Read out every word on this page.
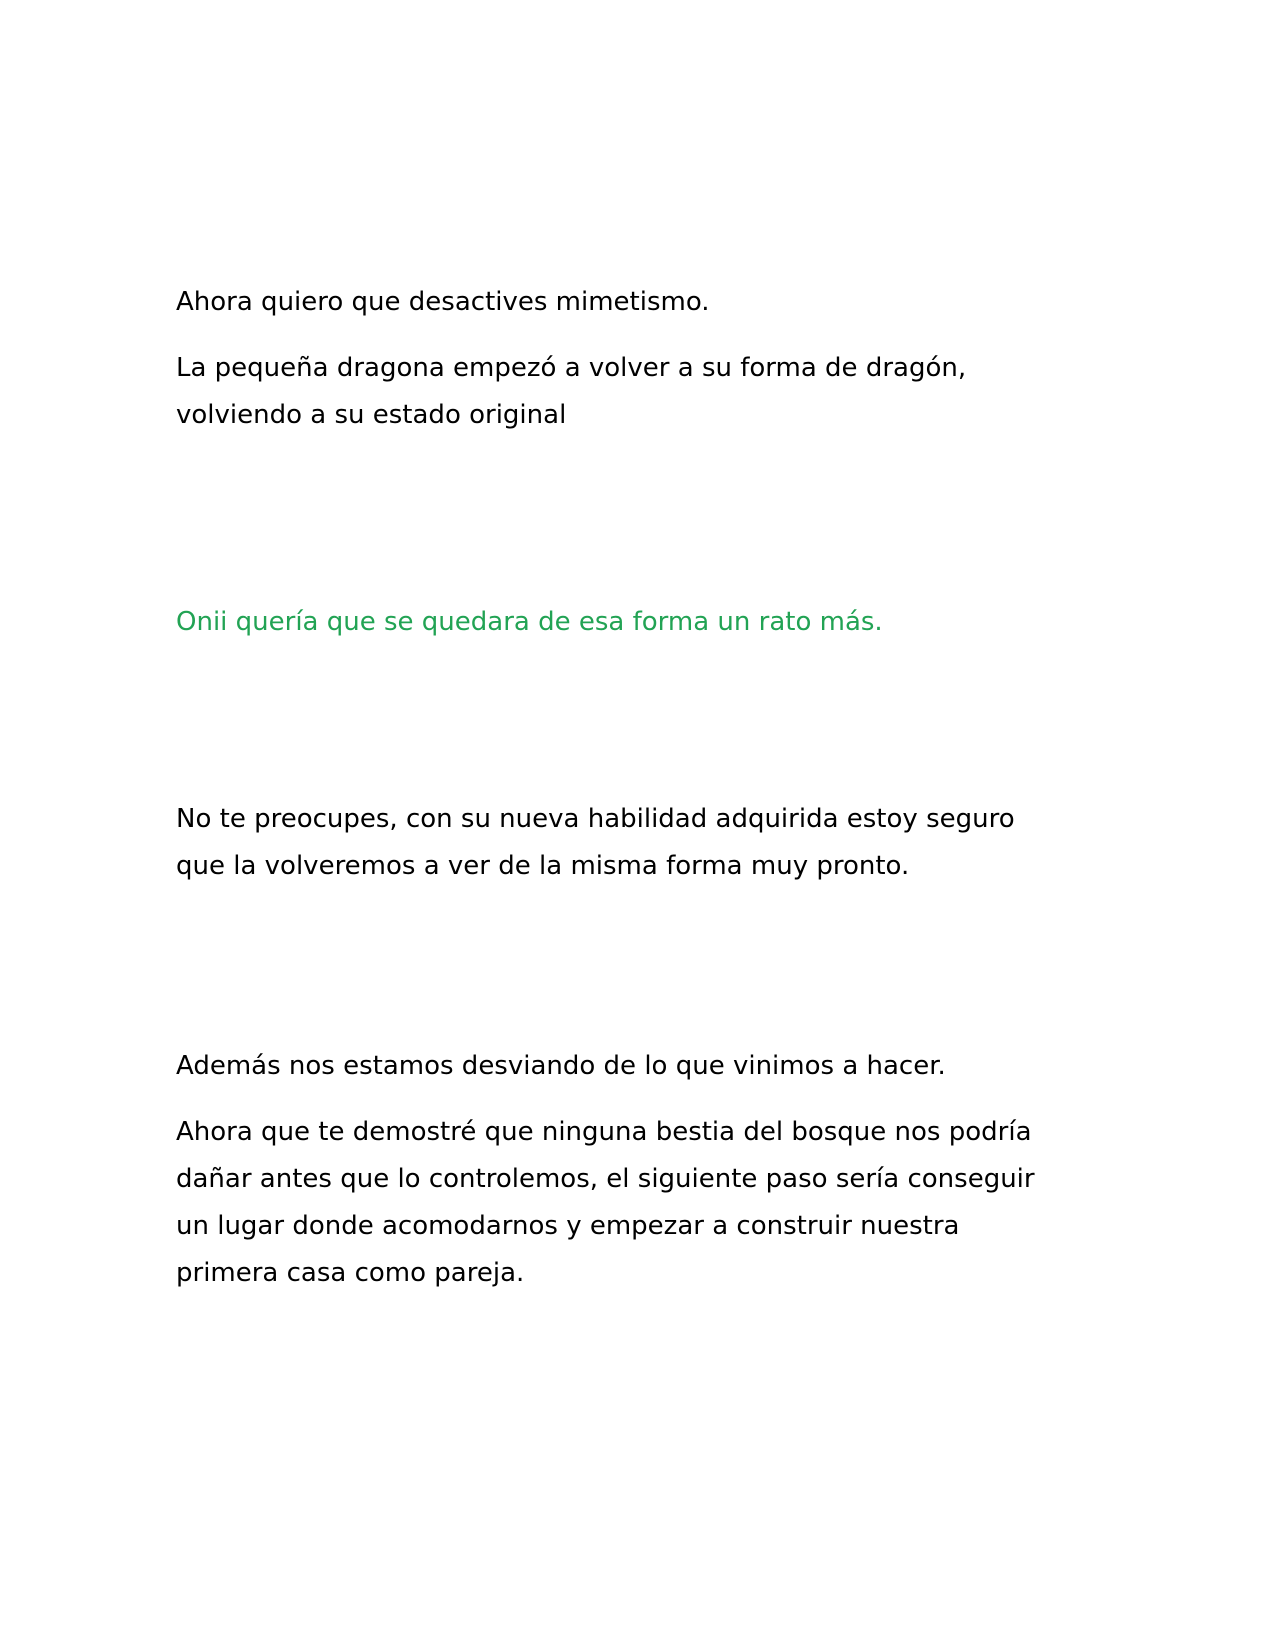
Ahora quiero que desactives mimetismo.

La pequeña dragona empezó a volver a su forma de dragón,
volviendo a su estado original

Onii quería que se quedara de esa forma un rato más.

No te preocupes, con su nueva habilidad adquirida estoy seguro
que la volveremos a ver de la misma forma muy pronto.

Además nos estamos desviando de lo que vinimos a hacer.

Ahora que te demostré que ninguna bestia del bosque nos podría
dañar antes que lo controlemos, el siguiente paso sería conseguir
un lugar donde acomodarnos y empezar a construir nuestra
primera casa como pareja.
